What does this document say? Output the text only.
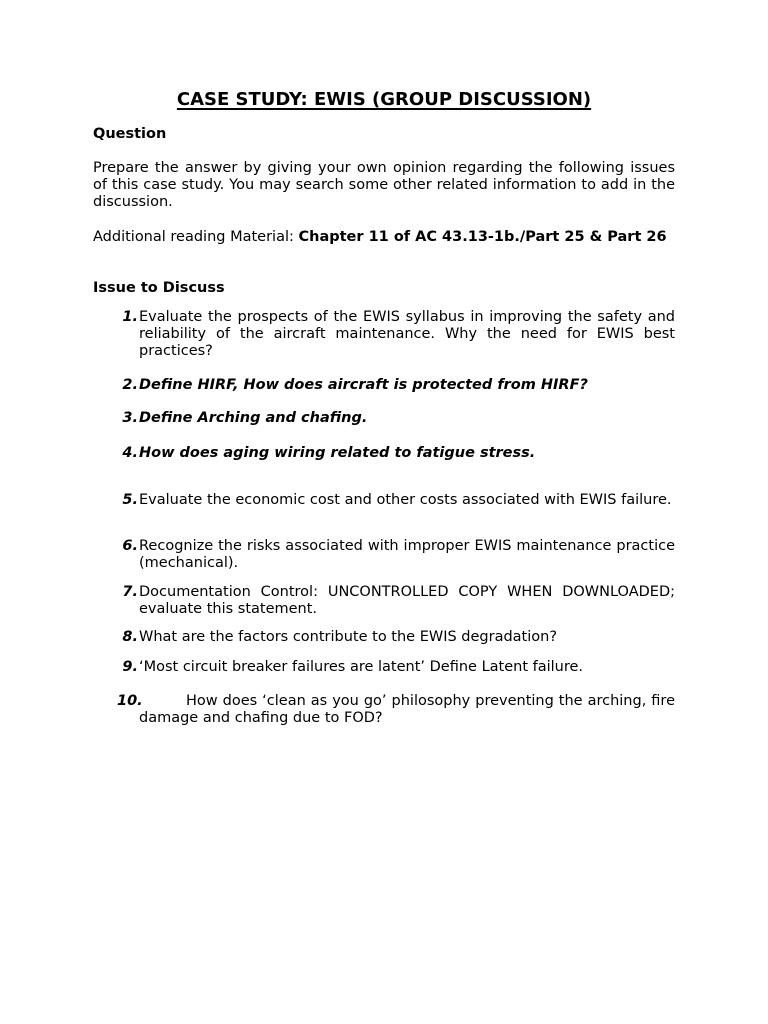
CASE STUDY: EWIS (GROUP DISCUSSION)
Question
Prepare the answer by giving your own opinion regarding the following issues of this case study. You may search some other related information to add in the discussion.
Additional reading Material: Chapter 11 of AC 43.13-1b./Part 25 & Part 26
Issue to Discuss
1. Evaluate the prospects of the EWIS syllabus in improving the safety and reliability of the aircraft maintenance. Why the need for EWIS best practices?
2. Define HIRF, How does aircraft is protected from HIRF?
3. Define Arching and chafing.
4. How does aging wiring related to fatigue stress.
5. Evaluate the economic cost and other costs associated with EWIS failure.
6. Recognize the risks associated with improper EWIS maintenance practice (mechanical).
7. Documentation Control: UNCONTROLLED COPY WHEN DOWNLOADED; evaluate this statement.
8. What are the factors contribute to the EWIS degradation?
9. ‘Most circuit breaker failures are latent’ Define Latent failure.
10.	How does ‘clean as you go’ philosophy preventing the arching, fire damage and chafing due to FOD?
